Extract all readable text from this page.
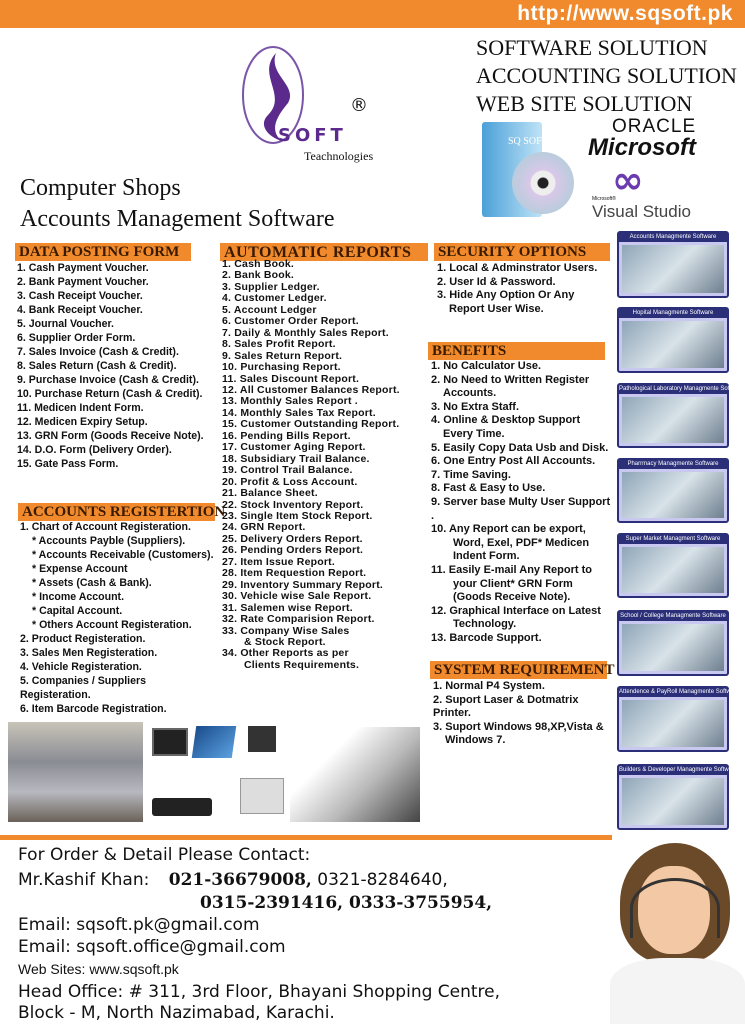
http://www.sqsoft.pk
SOFT
®
Teachnologies
SOFTWARE SOLUTION
ACCOUNTING SOLUTION
WEB SITE SOLUTION
SQ SOFT
ORACLE
Microsoft
∞
Microsoft®
Visual Studio
Computer Shops
Accounts Management Software
DATA POSTING FORM
1. Cash Payment Voucher.
2. Bank Payment Voucher.
3. Cash Receipt Voucher.
4. Bank Receipt Voucher.
5. Journal Voucher.
6. Supplier Order Form.
7. Sales Invoice (Cash & Credit).
8. Sales Return (Cash & Credit).
9. Purchase Invoice (Cash & Credit).
10. Purchase Return (Cash & Credit).
11. Medicen Indent Form.
12. Medicen Expiry Setup.
13. GRN Form (Goods Receive Note).
14. D.O. Form (Delivery Order).
15. Gate Pass Form.
ACCOUNTS REGISTERTION
1. Chart of Account Registeration.
* Accounts Payble (Suppliers).
* Accounts Receivable (Customers).
* Expense Account
* Assets (Cash & Bank).
* Income Account.
* Capital Account.
* Others Account Registeration.
2. Product Registeration.
3. Sales Men Registeration.
4. Vehicle Registeration.
5. Companies / Suppliers Registeration.
6. Item Barcode Registration.
AUTOMATIC REPORTS
1. Cash Book.
2. Bank Book.
3. Supplier Ledger.
4. Customer Ledger.
5. Account Ledger
6. Customer Order Report.
7. Daily & Monthly Sales Report.
8. Sales Profit Report.
9. Sales Return Report.
10. Purchasing Report.
11. Sales Discount Report.
12. All Customer Balances Report.
13. Monthly Sales Report .
14. Monthly Sales Tax Report.
15. Customer Outstanding Report.
16. Pending Bills Report.
17. Customer Aging Report.
18. Subsidiary Trail Balance.
19. Control Trail Balance.
20. Profit & Loss Account.
21. Balance Sheet.
22. Stock Inventory Report.
23. Single Item Stock Report.
24. GRN Report.
25. Delivery Orders Report.
26. Pending Orders Report.
27. Item Issue Report.
28. Item Requestion Report.
29. Inventory Summary Report.
30. Vehicle wise Sale Report.
31. Salemen wise Report.
32. Rate Comparision Report.
33. Company Wise Sales
& Stock Report.
34. Other Reports as per
Clients Requirements.
SECURITY OPTIONS
1. Local & Adminstrator Users.
2. User Id & Password.
3. Hide Any Option Or Any
Report User Wise.
BENEFITS
1. No Calculator Use.
2. No Need to Written Register
Accounts.
3. No Extra Staff.
4. Online & Desktop Support
Every Time.
5. Easily Copy Data Usb and Disk.
6. One Entry Post All Accounts.
7. Time Saving.
8. Fast & Easy to Use.
9. Server base Multy User Support .
10. Any Report can be export,
Word, Exel, PDF* Medicen
Indent Form.
11. Easily E-mail Any Report to
your Client* GRN Form
(Goods Receive Note).
12. Graphical Interface on Latest
Technology.
13. Barcode Support.
SYSTEM REQUIREMENT
1. Normal P4 System.
2. Suport Laser & Dotmatrix Printer.
3. Suport Windows 98,XP,Vista &
Windows 7.
Accounts Managmente Software
Hopital Managmente Software
Pathological Laboratory Managmente Software
Pharrmacy Managmente Software
Super Market Managment Software
School / College Managmente Software
Attendence & PayRoll Managmente Software
Builders & Developer Managmente Software
For Order & Detail Please Contact:
Mr.Kashif Khan: 021-36679008, 0321-8284640,
0315-2391416, 0333-3755954,
Email: sqsoft.pk@gmail.com
Email: sqsoft.office@gmail.com
Web Sites: www.sqsoft.pk
Head Office: # 311, 3rd Floor, Bhayani Shopping Centre,
Block - M, North Nazimabad, Karachi.
